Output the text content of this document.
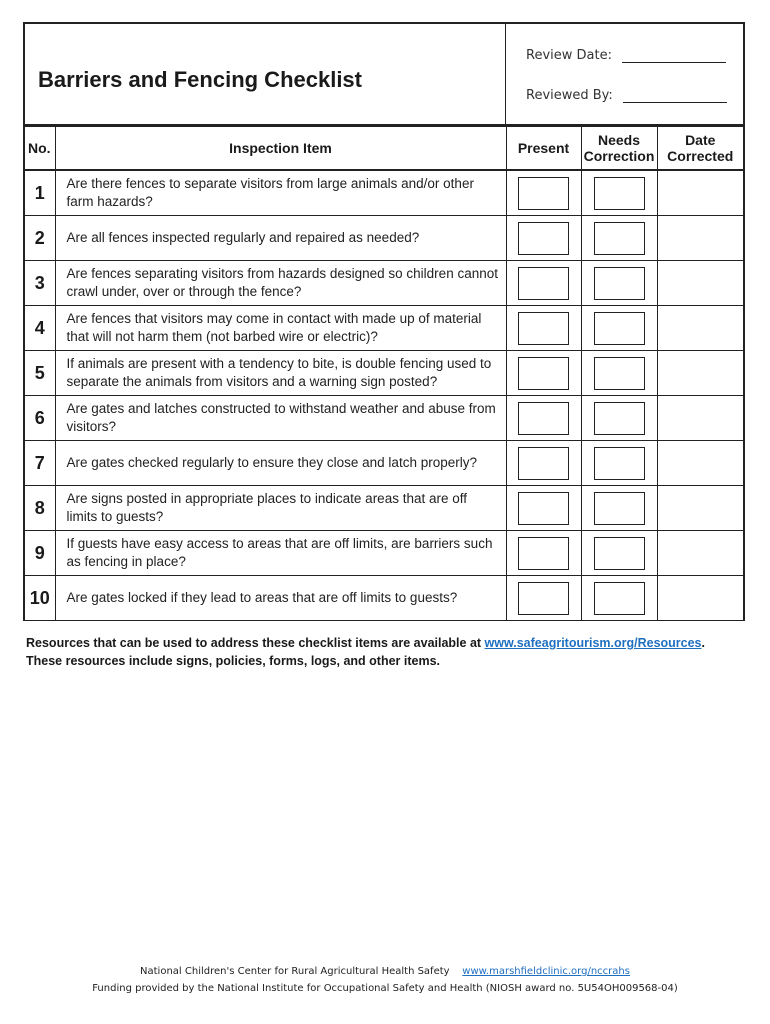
Barriers and Fencing Checklist
Review Date:
Reviewed By:
No.	Inspection Item	Present	Needs Correction	Date Corrected
1	Are there fences to separate visitors from large animals and/or other farm hazards?			
2	Are all fences inspected regularly and repaired as needed?			
3	Are fences separating visitors from hazards designed so children cannot crawl under, over or through the fence?			
4	Are fences that visitors may come in contact with made up of material that will not harm them (not barbed wire or electric)?			
5	If animals are present with a tendency to bite, is double fencing used to separate the animals from visitors and a warning sign posted?			
6	Are gates and latches constructed to withstand weather and abuse from visitors?			
7	Are gates checked regularly to ensure they close and latch properly?			
8	Are signs posted in appropriate places to indicate areas that are off limits to guests?			
9	If guests have easy access to areas that are off limits, are barriers such as fencing in place?			
10	Are gates locked if they lead to areas that are off limits to guests?			
Resources that can be used to address these checklist items are available at www.safeagritourism.org/Resources.
These resources include signs, policies, forms, logs, and other items.
National Children's Center for Rural Agricultural Health Safety www.marshfieldclinic.org/nccrahs
Funding provided by the National Institute for Occupational Safety and Health (NIOSH award no. 5U54OH009568-04)
